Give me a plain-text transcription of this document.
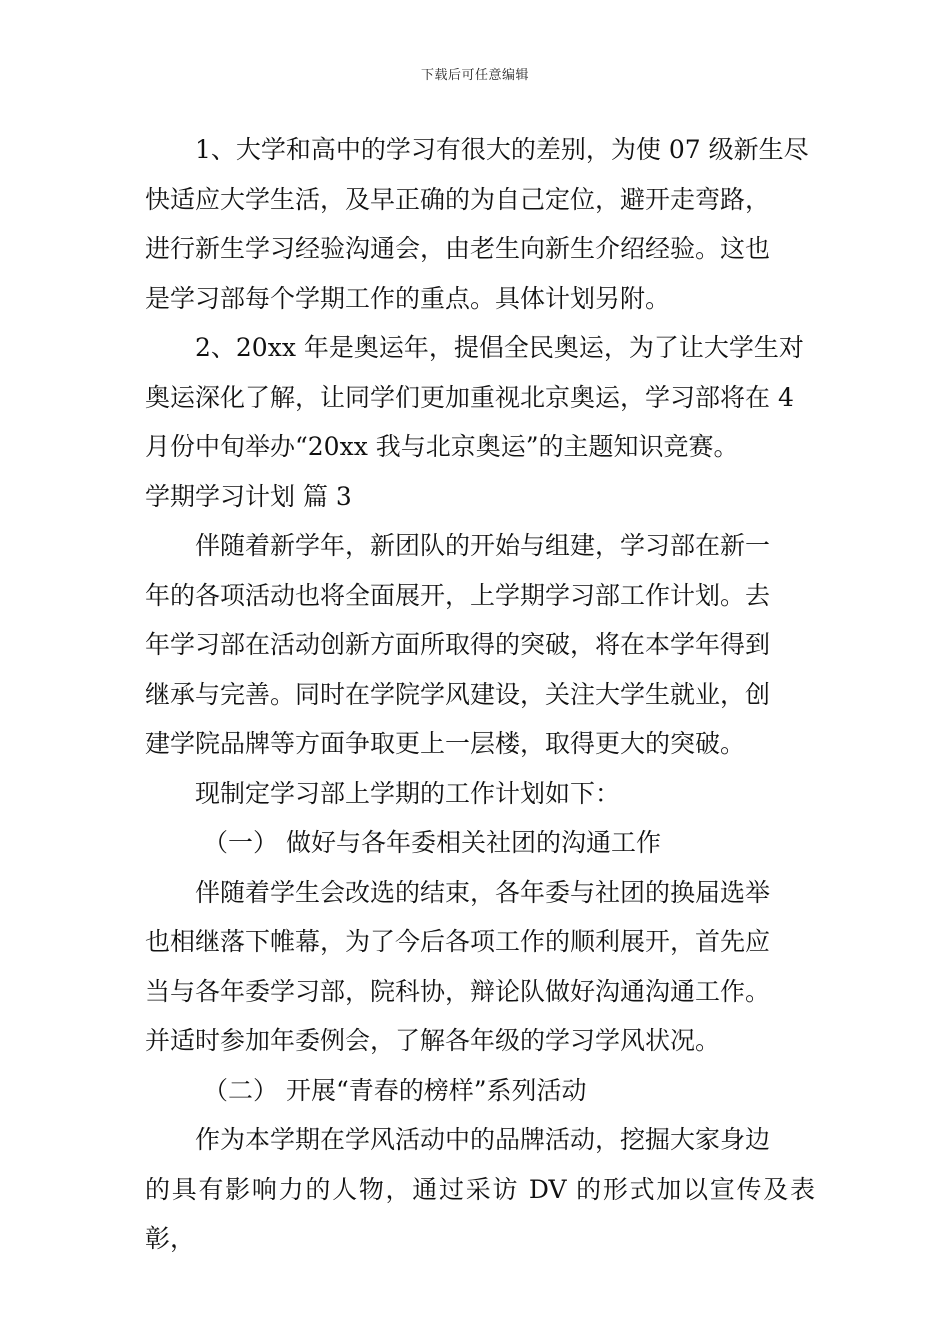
下载后可任意编辑

1、大学和高中的学习有很大的差别，为使 07 级新生尽
快适应大学生活，及早正确的为自己定位，避开走弯路，
进行新生学习经验沟通会，由老生向新生介绍经验。这也
是学习部每个学期工作的重点。具体计划另附。

2、20xx 年是奥运年，提倡全民奥运，为了让大学生对
奥运深化了解，让同学们更加重视北京奥运，学习部将在 4
月份中旬举办“20xx 我与北京奥运”的主题知识竞赛。

学期学习计划 篇 3

伴随着新学年，新团队的开始与组建，学习部在新一
年的各项活动也将全面展开，上学期学习部工作计划。去
年学习部在活动创新方面所取得的突破，将在本学年得到
继承与完善。同时在学院学风建设，关注大学生就业，创
建学院品牌等方面争取更上一层楼，取得更大的突破。

现制定学习部上学期的工作计划如下：

（一） 做好与各年委相关社团的沟通工作

伴随着学生会改选的结束，各年委与社团的换届选举
也相继落下帷幕，为了今后各项工作的顺利展开，首先应
当与各年委学习部，院科协，辩论队做好沟通沟通工作。
并适时参加年委例会，了解各年级的学习学风状况。

（二） 开展“青春的榜样”系列活动

作为本学期在学风活动中的品牌活动，挖掘大家身边
的具有影响力的人物，通过采访 DV 的形式加以宣传及表彰，
